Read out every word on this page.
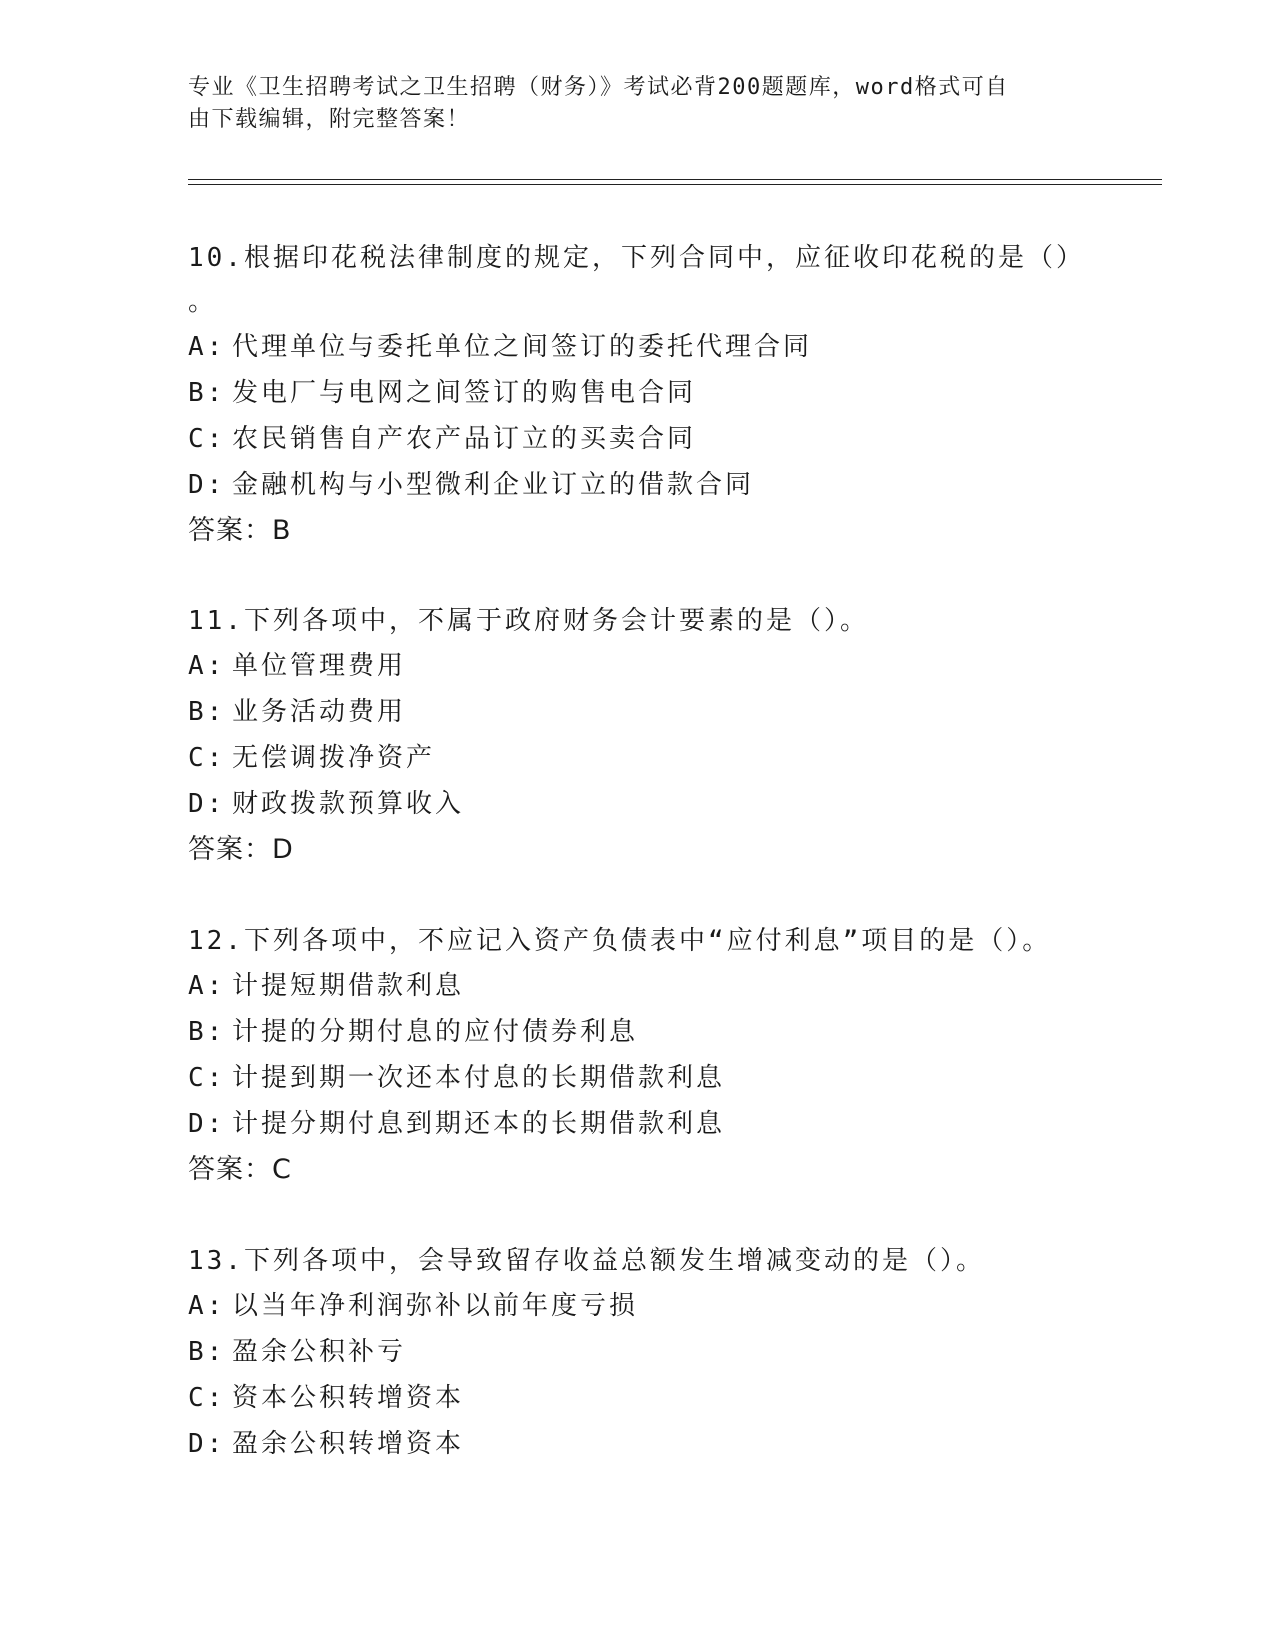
专业《卫生招聘考试之卫生招聘（财务）》考试必背200题题库，word格式可自
由下载编辑，附完整答案！

10.根据印花税法律制度的规定，下列合同中，应征收印花税的是（）

。

A: 代理单位与委托单位之间签订的委托代理合同

B: 发电厂与电网之间签订的购售电合同

C: 农民销售自产农产品订立的买卖合同

D: 金融机构与小型微利企业订立的借款合同

答案：B

11.下列各项中，不属于政府财务会计要素的是（）。

A: 单位管理费用

B: 业务活动费用

C: 无偿调拨净资产

D: 财政拨款预算收入

答案：D

12.下列各项中，不应记入资产负债表中“应付利息”项目的是（）。

A: 计提短期借款利息

B: 计提的分期付息的应付债券利息

C: 计提到期一次还本付息的长期借款利息

D: 计提分期付息到期还本的长期借款利息

答案：C

13.下列各项中，会导致留存收益总额发生增减变动的是（）。

A: 以当年净利润弥补以前年度亏损

B: 盈余公积补亏

C: 资本公积转增资本

D: 盈余公积转增资本
